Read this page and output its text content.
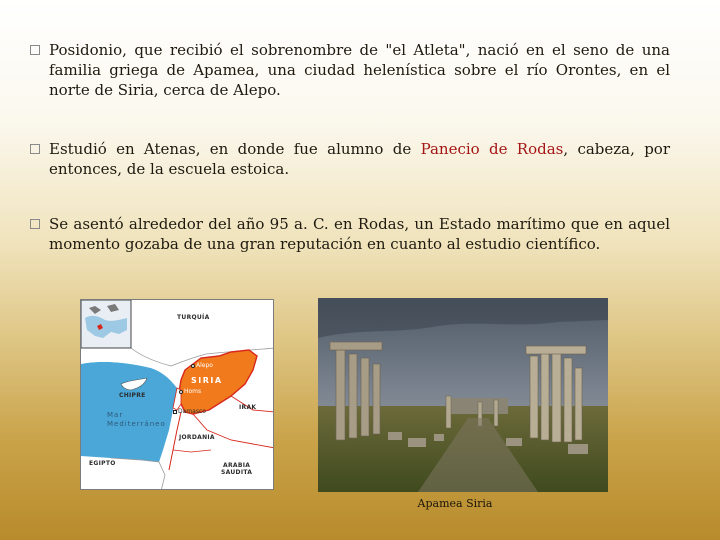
Posidonio, que recibió el sobrenombre de "el Atleta", nació en el seno de una familia griega de Apamea, una ciudad helenística sobre el río Orontes, en el norte de Siria, cerca de Alepo.
Estudió en Atenas, en donde fue alumno de Panecio de Rodas, cabeza, por entonces, de la escuela estoica.
Se asentó alrededor del año 95 a. C. en Rodas, un Estado marítimo que en aquel momento gozaba de una gran reputación en cuanto al estudio científico.
TURQUÍA
CHIPRE
Mar
Mediterráneo
SIRIA
Alepo
Homs
Damasco
IRAK
JORDANIA
EGIPTO	ARABIA
SAUDITA
Apamea Siria
